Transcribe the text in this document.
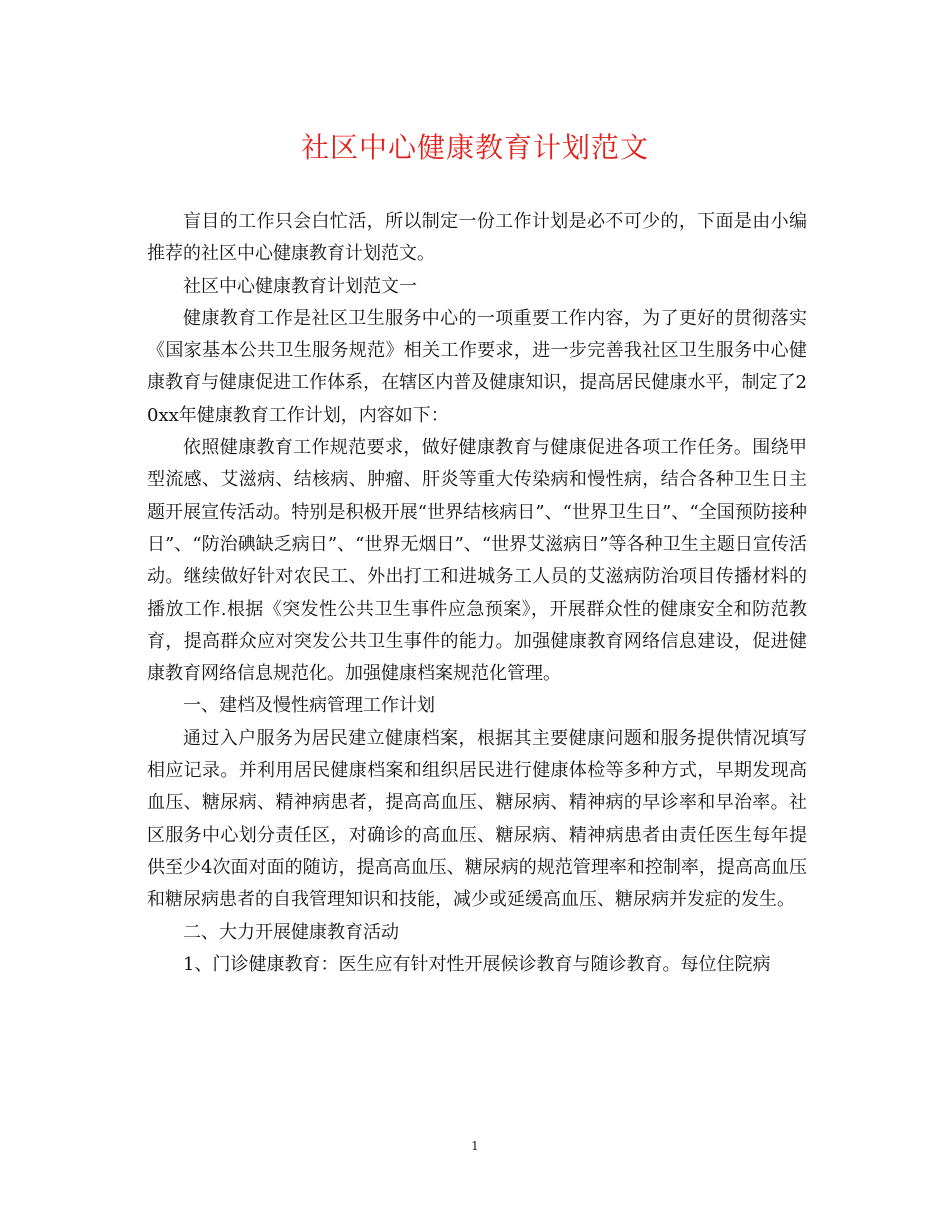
社区中心健康教育计划范文

盲目的工作只会白忙活，所以制定一份工作计划是必不可少的，下面是由小编推荐的社区中心健康教育计划范文。

社区中心健康教育计划范文一

健康教育工作是社区卫生服务中心的一项重要工作内容，为了更好的贯彻落实《国家基本公共卫生服务规范》相关工作要求，进一步完善我社区卫生服务中心健康教育与健康促进工作体系，在辖区内普及健康知识，提高居民健康水平，制定了20xx年健康教育工作计划，内容如下：

依照健康教育工作规范要求，做好健康教育与健康促进各项工作任务。围绕甲型流感、艾滋病、结核病、肿瘤、肝炎等重大传染病和慢性病，结合各种卫生日主题开展宣传活动。特别是积极开展“世界结核病日”、“世界卫生日”、“全国预防接种日”、“防治碘缺乏病日”、“世界无烟日”、“世界艾滋病日”等各种卫生主题日宣传活动。继续做好针对农民工、外出打工和进城务工人员的艾滋病防治项目传播材料的播放工作.根据《突发性公共卫生事件应急预案》，开展群众性的健康安全和防范教育，提高群众应对突发公共卫生事件的能力。加强健康教育网络信息建设，促进健康教育网络信息规范化。加强健康档案规范化管理。

一、建档及慢性病管理工作计划

通过入户服务为居民建立健康档案，根据其主要健康问题和服务提供情况填写相应记录。并利用居民健康档案和组织居民进行健康体检等多种方式，早期发现高血压、糖尿病、精神病患者，提高高血压、糖尿病、精神病的早诊率和早治率。社区服务中心划分责任区，对确诊的高血压、糖尿病、精神病患者由责任医生每年提供至少4次面对面的随访，提高高血压、糖尿病的规范管理率和控制率，提高高血压和糖尿病患者的自我管理知识和技能，减少或延缓高血压、糖尿病并发症的发生。

二、大力开展健康教育活动

1、门诊健康教育：医生应有针对性开展候诊教育与随诊教育。每位住院病

1
